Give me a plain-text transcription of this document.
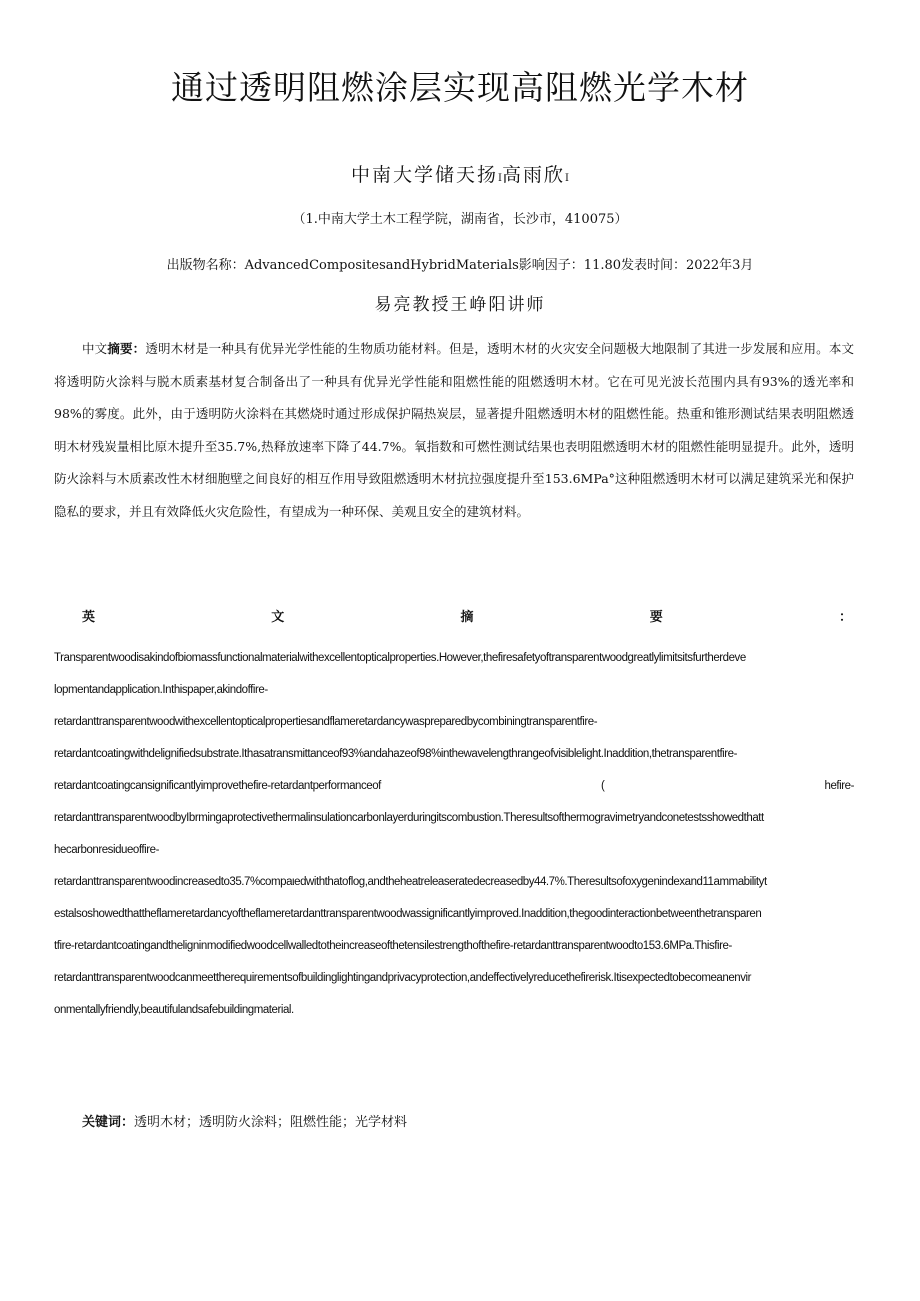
通过透明阻燃涂层实现高阻燃光学木材
中南大学储天扬I高雨欣I
（1.中南大学土木工程学院，湖南省，长沙市，410075）
出版物名称：AdvancedCompositesandHybridMaterials影响因子：11.80发表时间：2022年3月
易亮教授王峥阳讲师
中文摘要：透明木材是一种具有优异光学性能的生物质功能材料。但是，透明木材的火灾安全问题极大地限制了其进一步发展和应用。本文将透明防火涂料与脱木质素基材复合制备出了一种具有优异光学性能和阻燃性能的阻燃透明木材。它在可见光波长范围内具有93%的透光率和98%的雾度。此外，由于透明防火涂料在其燃烧时通过形成保护隔热炭层，显著提升阻燃透明木材的阻燃性能。热重和锥形测试结果表明阻燃透明木材残炭量相比原木提升至35.7%,热释放速率下降了44.7%。氧指数和可燃性测试结果也表明阻燃透明木材的阻燃性能明显提升。此外，透明防火涂料与木质素改性木材细胞壁之间良好的相互作用导致阻燃透明木材抗拉强度提升至153.6MPa°这种阻燃透明木材可以满足建筑采光和保护隐私的要求，并且有效降低火灾危险性，有望成为一种环保、美观且安全的建筑材料。
英	文	摘	要	：
Transparentwoodisakindofbiomassfunctionalmaterialwithexcellentopticalproperties.However,thefiresafetyoftransparentwoodgreatlylimitsitsfurtherdeve
lopmentandapplication.Inthispaper,akindoffire-
retardanttransparentwoodwithexcellentopticalpropertiesandflameretardancywaspreparedbycombiningtransparentfire-
retardantcoatingwithdelignifiedsubstrate.Ithasatransmittanceof93%andahazeof98%inthewavelengthrangeofvisiblelight.Inaddition,thetransparentfire-
retardantcoatingcansignificantlyimprovethefire-retardantperformanceof	(	hefire-
retardanttransparentwoodbyIbrmingaprotectivethermalinsulationcarbonlayerduringitscombustion.Theresultsofthermogravimetryandconetestsshowedthatt
hecarbonresidueoffire-
retardanttransparentwoodincreasedto35.7%compaιedwiththatoflog,andtheheatreleaseratedecreasedby44.7%.Theresultsofoxygenindexand11ammabilityt
estalsoshowedthattheflameretardancyoftheflameretardanttransparentwoodwassignificantlyimproved.Inaddition,thegoodinteractionbetweenthetransparen
tfire-retardantcoatingandtheligninmodifiedwoodcellwalledtotheincreaseofthetensilestrengthofthefire-retardanttransparentwoodto153.6MPa.Thisfire-
retardanttransparentwoodcanmeettherequirementsofbuildinglightingandprivacyprotection,andeffectivelyreducethefirerisk.Itisexpectedtobecomeanenvir
onmentallyfriendly,beautifulandsafebuildingmaterial.
关键词：透明木材；透明防火涂料；阻燃性能；光学材料
